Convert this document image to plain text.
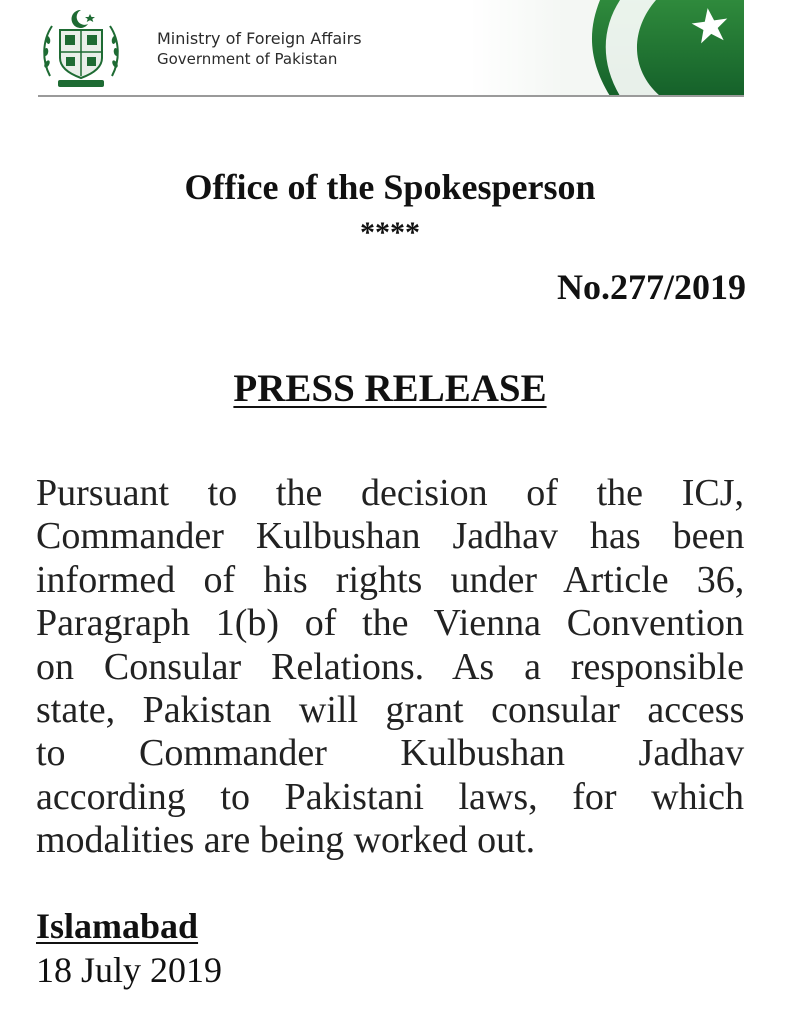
Ministry of Foreign Affairs
Government of Pakistan
Office of the Spokesperson
****
No.277/2019
PRESS RELEASE
Pursuant to the decision of the ICJ,
Commander Kulbushan Jadhav has been
informed of his rights under Article 36,
Paragraph 1(b) of the Vienna Convention
on Consular Relations. As a responsible
state, Pakistan will grant consular access
to Commander Kulbushan Jadhav
according to Pakistani laws, for which
modalities are being worked out.
Islamabad
18 July 2019
